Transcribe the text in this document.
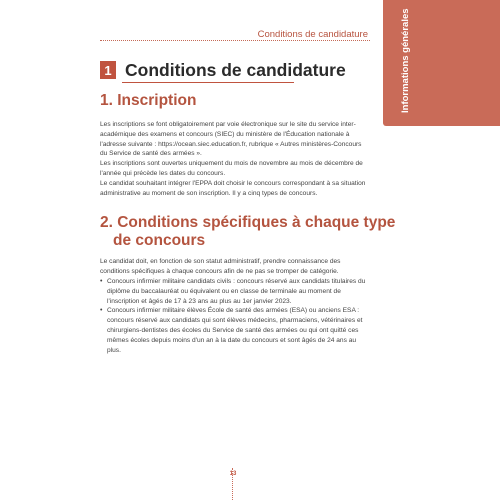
Conditions de candidature	Informations générales
1 Conditions de candidature
1. Inscription

Les inscriptions se font obligatoirement par voie électronique sur le site du service inter-académique des examens et concours (SIEC) du ministère de l'Éducation nationale à l'adresse suivante : https://ocean.siec.education.fr, rubrique « Autres ministères-Concours du Service de santé des armées ».

Les inscriptions sont ouvertes uniquement du mois de novembre au mois de décembre de l'année qui précède les dates du concours.

Le candidat souhaitant intégrer l'EPPA doit choisir le concours correspondant à sa situation administrative au moment de son inscription. Il y a cinq types de concours.

2. Conditions spécifiques à chaque type
de concours

Le candidat doit, en fonction de son statut administratif, prendre connaissance des conditions spécifiques à chaque concours afin de ne pas se tromper de catégorie.

• Concours infirmier militaire candidats civils : concours réservé aux candidats titulaires du diplôme du baccalauréat ou équivalent ou en classe de terminale au moment de l'inscription et âgés de 17 à 23 ans au plus au 1er janvier 2023.
• Concours infirmier militaire élèves École de santé des armées (ESA) ou anciens ESA : concours réservé aux candidats qui sont élèves médecins, pharmaciens, vétérinaires et chirurgiens-dentistes des écoles du Service de santé des armées ou qui ont quitté ces mêmes écoles depuis moins d'un an à la date du concours et sont âgés de 24 ans au plus.
13
